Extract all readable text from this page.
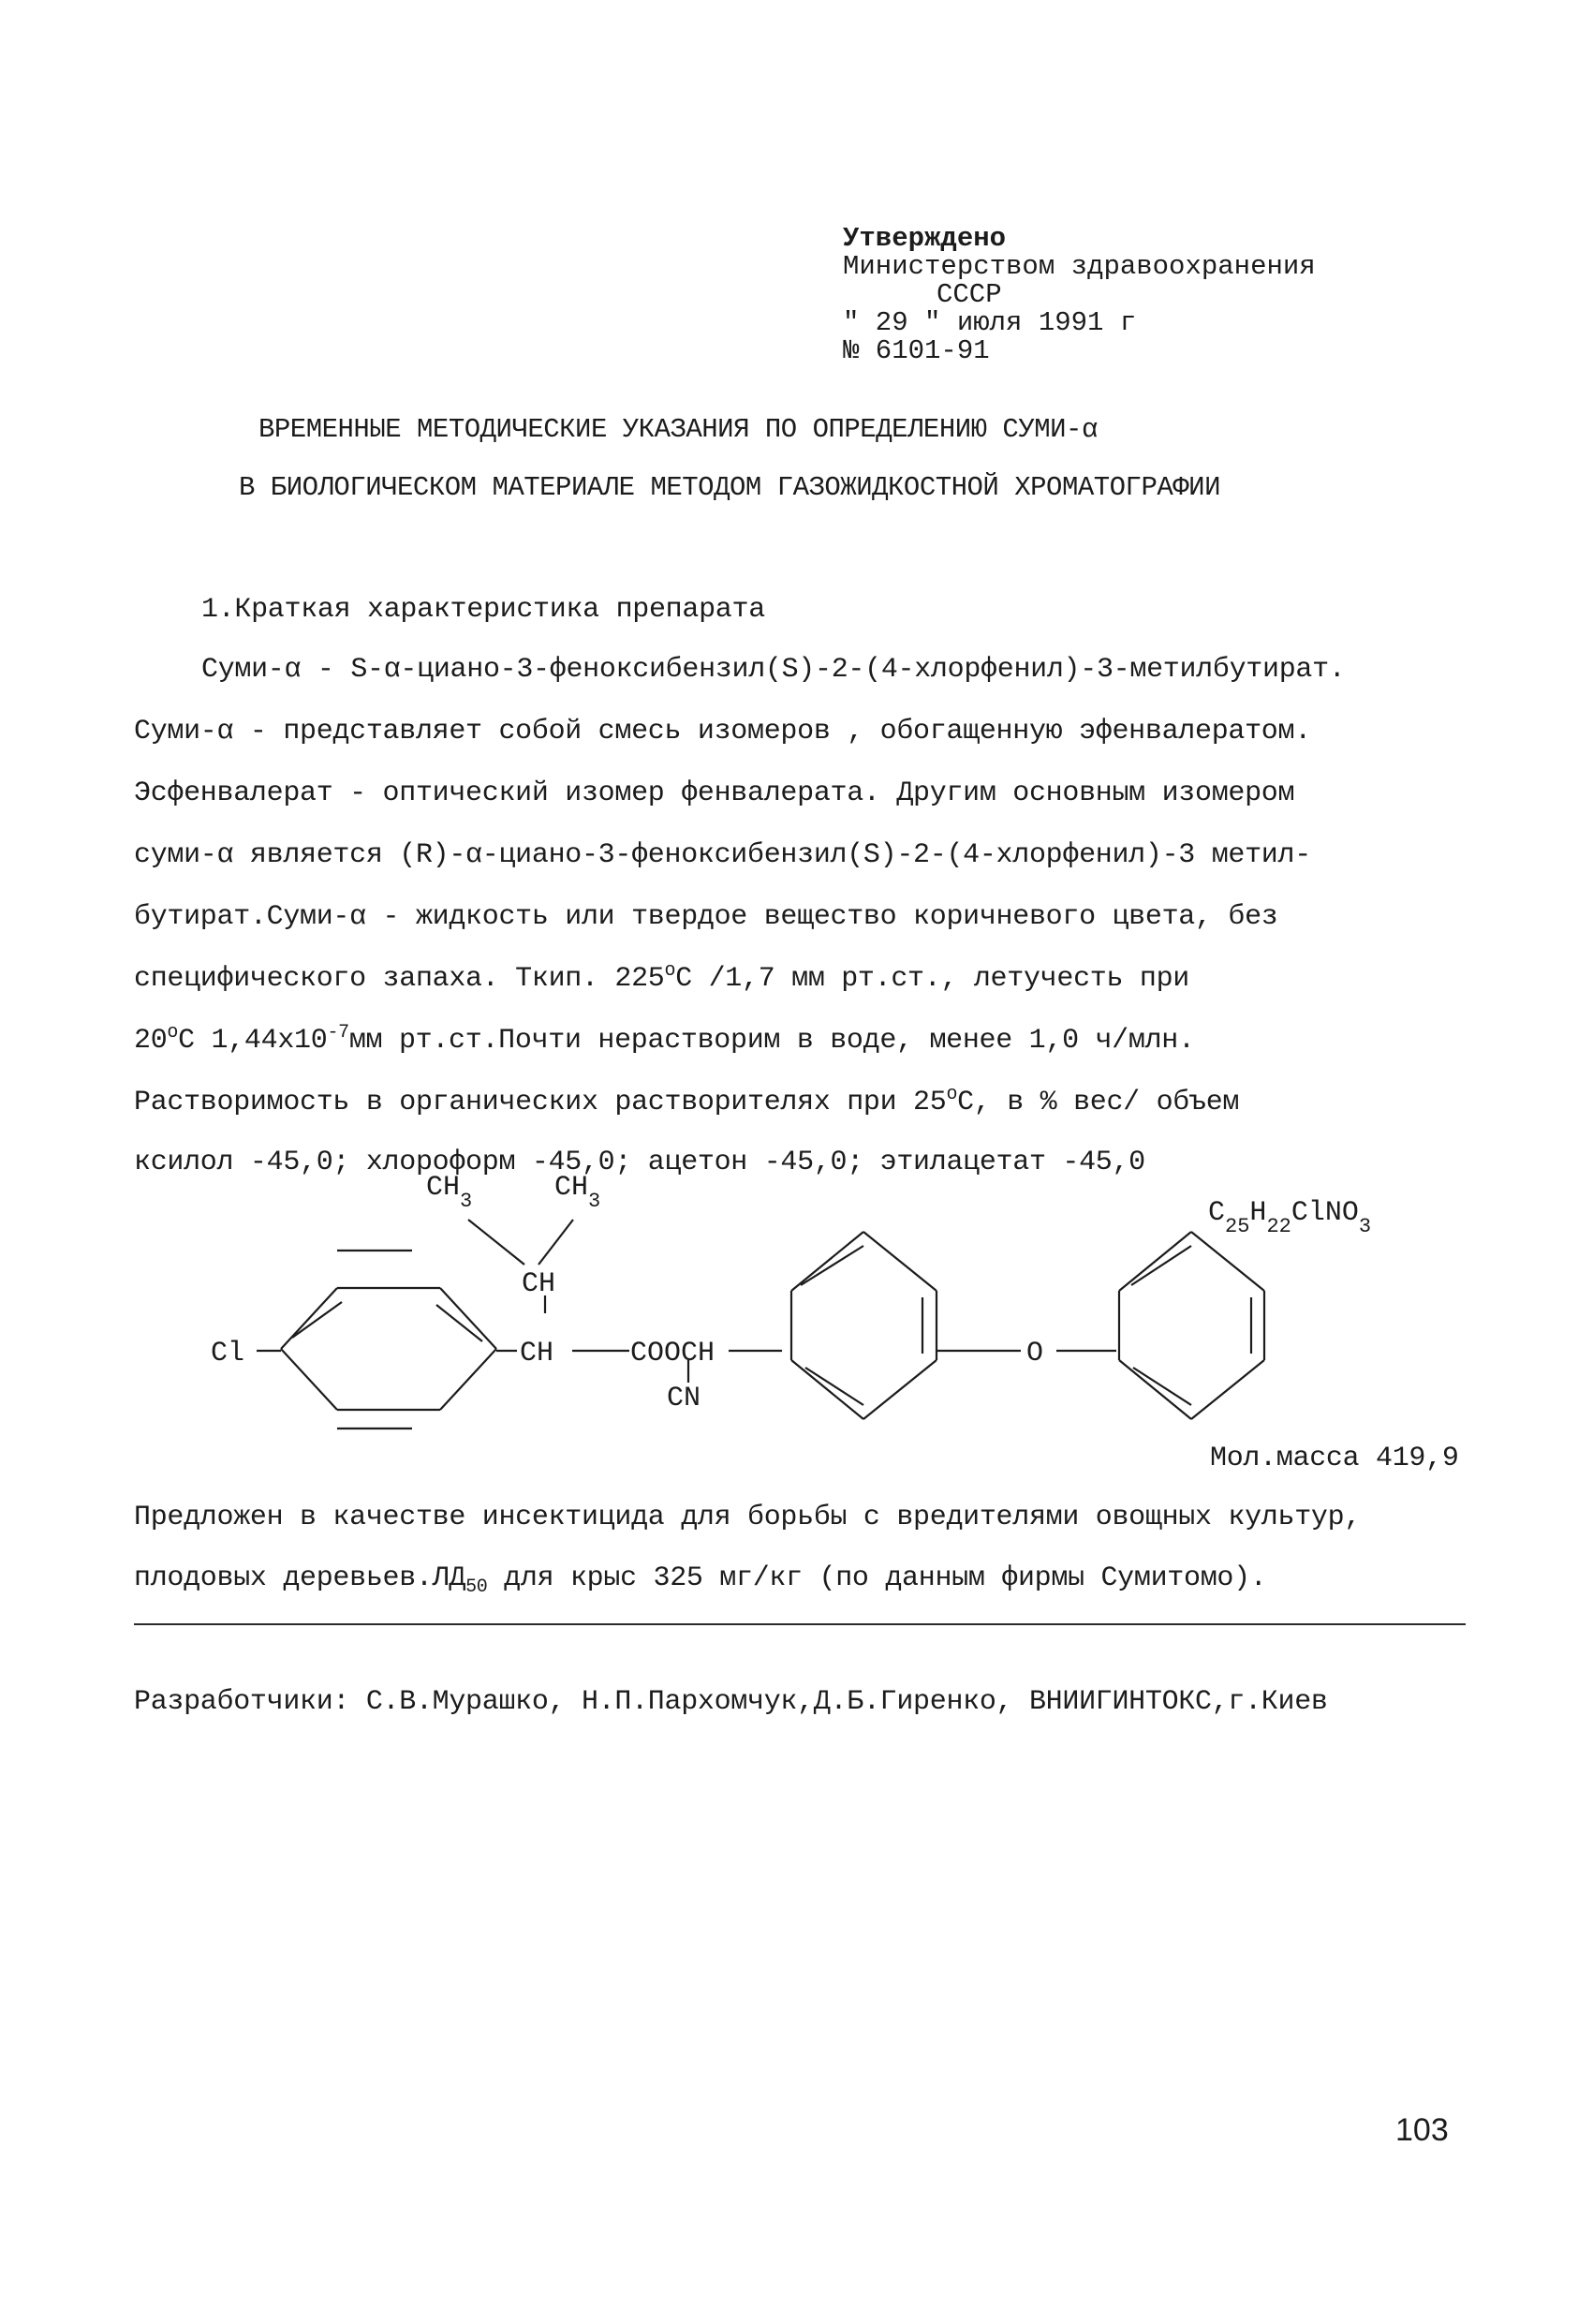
Утверждено
Министерством здравоохранения
СССР
" 29 " июля 1991 г
№ 6101-91
ВРЕМЕННЫЕ МЕТОДИЧЕСКИЕ УКАЗАНИЯ ПО ОПРЕДЕЛЕНИЮ СУМИ-α
В БИОЛОГИЧЕСКОМ МАТЕРИАЛЕ МЕТОДОМ ГАЗОЖИДКОСТНОЙ ХРОМАТОГРАФИИ
1.Краткая характеристика препарата
Суми-α - S-α-циано-3-феноксибензил(S)-2-(4-хлорфенил)-3-метилбутират.
Суми-α - представляет собой смесь изомеров , обогащенную эфенвалератом.
Эсфенвалерат - оптический изомер фенвалерата. Другим основным изомером
суми-α является (R)-α-циано-3-феноксибензил(S)-2-(4-хлорфенил)-3 метил-
бутират.Суми-α - жидкость или твердое вещество коричневого цвета, без
специфического запаха. Ткип. 225$^o$С /1,7 мм рт.ст., летучесть при
20$^o$С $1,44х10^{-7}мм$ рт.ст.Почти нерастворим в воде, менее 1,0 ч/млн.
Растворимость в органических растворителях при 25$^o$С, в % вес/ объем
ксилол -45,0; хлороформ -45,0; ацетон -45,0; этилацетат -45,0
$CH_3$	$CH_3$
CH
Cl	CH	COOCH
CN
O
$C_{25}H_{22}ClNO_3$
Мол.масса 419,9
Предложен в качестве инсектицида для борьбы с вредителями овощных культур,
плодовых $деревьев.ЛД_{50}$ для крыс 325 мг/кг (по данным фирмы Сумитомо).
Разработчики: С.В.Мурашко, Н.П.Пархомчук,Д.Б.Гиренко, ВНИИГИНТОКС,г.Киев
103
